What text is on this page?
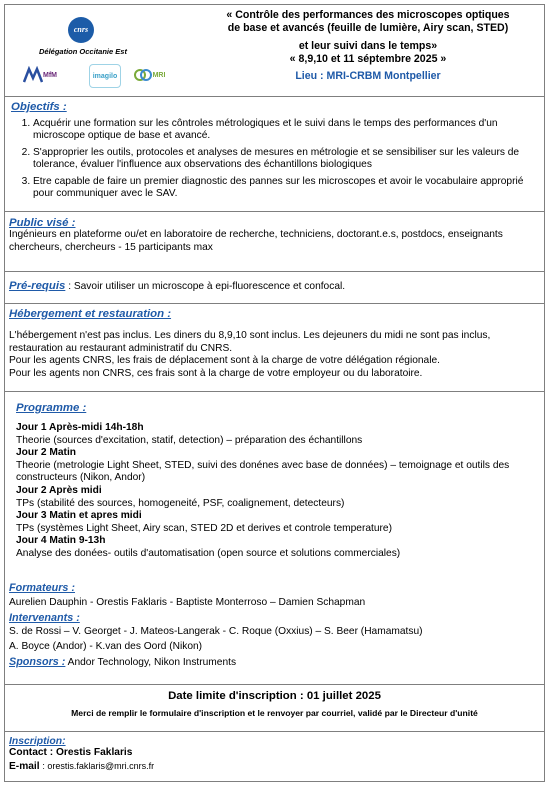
cnrs
Délégation Occitanie Est
MfM	imagilo	MRI
« Contrôle des performances des microscopes optiques
de base et avancés (feuille de lumière, Airy scan, STED)
et leur suivi dans le temps»
« 8,9,10 et 11 séptembre 2025 »
Lieu : MRI-CRBM Montpellier
Objectifs :
1. Acquérir une formation sur les côntroles métrologiques et le suivi dans le temps des performances d'un microscope optique de base et avancé.
2. S'approprier les outils, protocoles et analyses de mesures en métrologie et se sensibiliser sur les valeurs de tolerance, évaluer l'influence aux observations des échantillons biologiques
3. Etre capable de faire un premier diagnostic des pannes sur les microscopes et avoir le vocabulaire approprié pour communiquer avec le SAV.
Public visé :
Ingénieurs en plateforme ou/et en laboratoire de recherche, techniciens, doctorant.e.s, postdocs, enseignants chercheurs, chercheurs - 15 participants max
Pré-requis : Savoir utiliser un microscope à epi-fluorescence et confocal.
Hébergement et restauration :
L'hébergement n'est pas inclus. Les diners du 8,9,10 sont inclus. Les dejeuners du midi ne sont pas inclus, restauration au restaurant administratif du CNRS.
Pour les agents CNRS, les frais de déplacement sont à la charge de votre délégation régionale.
Pour les agents non CNRS, ces frais sont à la charge de votre employeur ou du laboratoire.
Programme :
Jour 1 Après-midi 14h-18h
Theorie (sources d'excitation, statif, detection) – préparation des échantillons
Jour 2 Matin
Theorie (metrologie Light Sheet, STED, suivi des donénes avec base de données) – temoignage et outils des constructeurs (Nikon, Andor)
Jour 2 Après midi
TPs (stabilité des sources, homogeneité, PSF, coalignement, detecteurs)
Jour 3 Matin et apres midi
TPs (systèmes Light Sheet, Airy scan, STED 2D et derives et controle temperature)
Jour 4 Matin 9-13h
Analyse des donées- outils d'automatisation (open source et solutions commerciales)
Formateurs :
Aurelien Dauphin - Orestis Faklaris - Baptiste Monterroso – Damien Schapman
Intervenants :
S. de Rossi – V. Georget - J. Mateos-Langerak - C. Roque (Oxxius) – S. Beer (Hamamatsu)
A. Boyce (Andor) - K.van des Oord (Nikon)
Sponsors : Andor Technology, Nikon Instruments
Date limite d'inscription : 01 juillet 2025
Merci de remplir le formulaire d'inscription et le renvoyer par courriel, validé par le Directeur d'unité
Inscription:
Contact : Orestis Faklaris
E-mail : orestis.faklaris@mri.cnrs.fr
